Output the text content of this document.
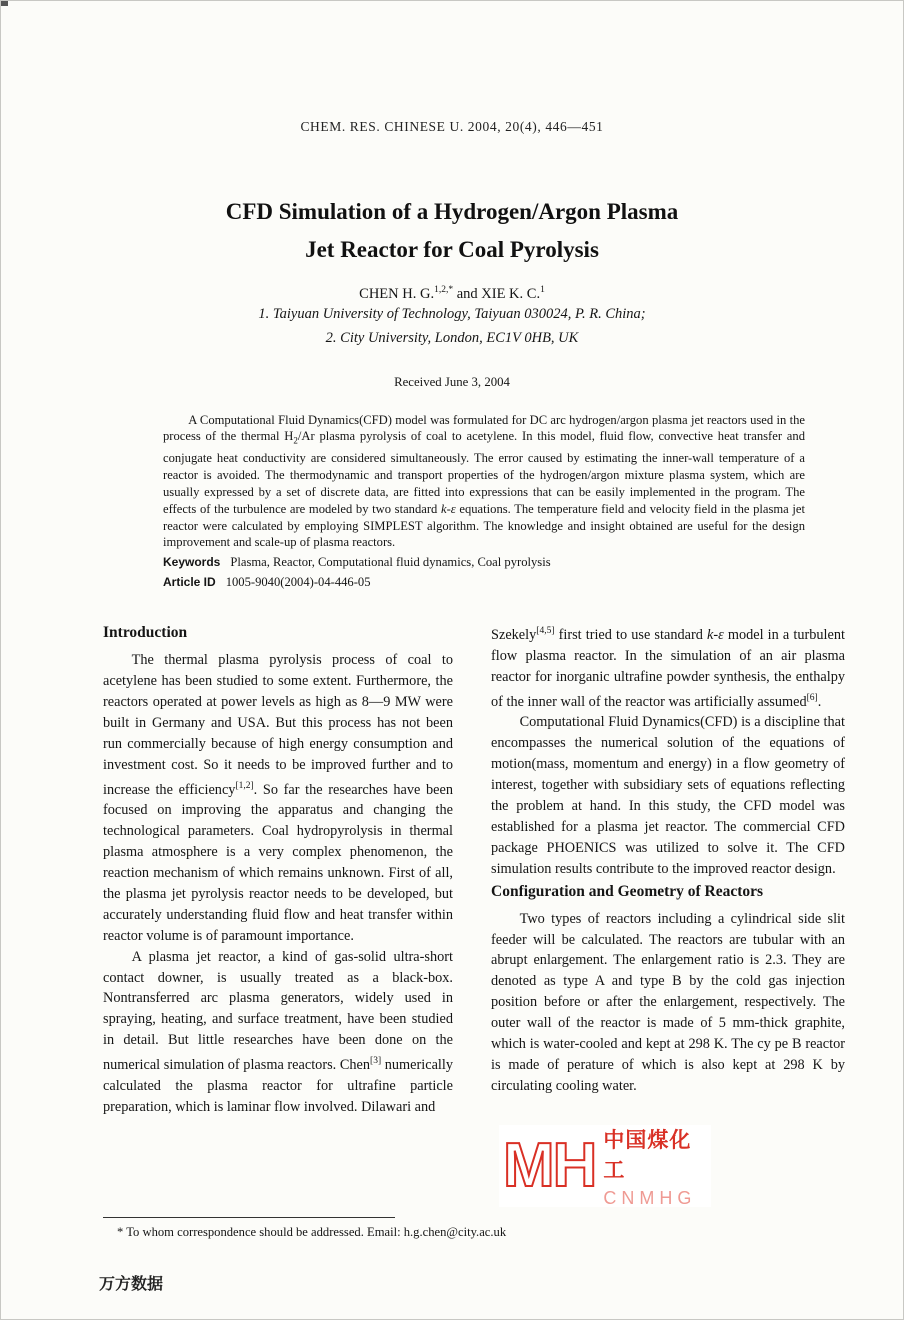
CHEM. RES. CHINESE U. 2004, 20(4), 446—451
CFD Simulation of a Hydrogen/Argon Plasma
Jet Reactor for Coal Pyrolysis
CHEN H. G.$^{1,2,*}$ and XIE K. C.$^1$
1. Taiyuan University of Technology, Taiyuan 030024, P. R. China;
2. City University, London, EC1V 0HB, UK
Received June 3, 2004

A Computational Fluid Dynamics(CFD) model was formulated for DC arc hydrogen/argon plasma jet reactors used in the process of the thermal $H_2/Ar$ plasma pyrolysis of coal to acetylene. In this model, fluid flow, convective heat transfer and conjugate heat conductivity are considered simultaneously. The error caused by estimating the inner-wall temperature of a reactor is avoided. The thermodynamic and transport properties of the hydrogen/argon mixture plasma system, which are usually expressed by a set of discrete data, are fitted into expressions that can be easily implemented in the program. The effects of the turbulence are modeled by two standard k-ε equations. The temperature field and velocity field in the plasma jet reactor were calculated by employing SIMPLEST algorithm. The knowledge and insight obtained are useful for the design improvement and scale-up of plasma reactors.

Keywords Plasma, Reactor, Computational fluid dynamics, Coal pyrolysis
Article ID 1005-9040(2004)-04-446-05
Introduction

The thermal plasma pyrolysis process of coal to acetylene has been studied to some extent. Furthermore, the reactors operated at power levels as high as 8—9 MW were built in Germany and USA. But this process has not been run commercially because of high energy consumption and investment cost. So it needs to be improved further and to increase the efficiency[1,2]. So far the researches have been focused on improving the apparatus and changing the technological parameters. Coal hydropyrolysis in thermal plasma atmosphere is a very complex phenomenon, the reaction mechanism of which remains unknown. First of all, the plasma jet pyrolysis reactor needs to be developed, but accurately understanding fluid flow and heat transfer within reactor volume is of paramount importance.

A plasma jet reactor, a kind of gas-solid ultra-short contact downer, is usually treated as a black-box. Nontransferred arc plasma generators, widely used in spraying, heating, and surface treatment, have been studied in detail. But little researches have been done on the numerical simulation of plasma reactors. Chen[3] numerically calculated the plasma reactor for ultrafine particle preparation, which is laminar flow involved. Dilawari and

Szekely[4,5] first tried to use standard k-ε model in a turbulent flow plasma reactor. In the simulation of an air plasma reactor for inorganic ultrafine powder synthesis, the enthalpy of the inner wall of the reactor was artificially assumed[6].

Computational Fluid Dynamics(CFD) is a discipline that encompasses the numerical solution of the equations of motion(mass, momentum and energy) in a flow geometry of interest, together with subsidiary sets of equations reflecting the problem at hand. In this study, the CFD model was established for a plasma jet reactor. The commercial CFD package PHOENICS was utilized to solve it. The CFD simulation results contribute to the improved reactor design.

Configuration and Geometry of Reactors

Two types of reactors including a cylindrical side slit feeder will be calculated. The reactors are tubular with an abrupt enlargement. The enlargement ratio is 2.3. They are denoted as type A and type B by the cold gas injection position before or after the enlargement, respectively. The outer wall of the reactor is made of 5 mm-thick graphite, which is water-cooled and kept at 298 K. The cy pe B reactor is made of perature of which is also kept at 298 K by circulating cooling water.

* To whom correspondence should be addressed. Email: h.g.chen@city.ac.uk
万方数据
MH 中国煤化工
CNMHG
